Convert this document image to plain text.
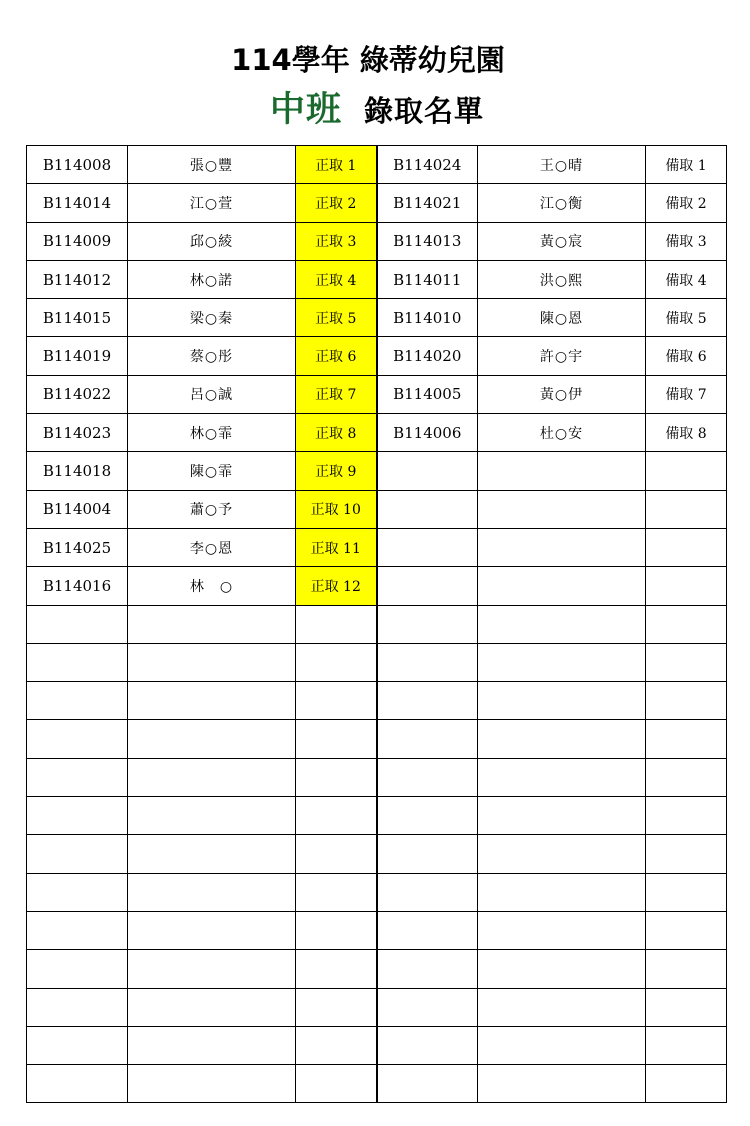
114學年 綠蒂幼兒園
中班 錄取名單
B114008	張○豐	正取 1	B114024	王○晴	備取 1
B114014	江○萱	正取 2	B114021	江○衡	備取 2
B114009	邱○綾	正取 3	B114013	黃○宸	備取 3
B114012	林○諾	正取 4	B114011	洪○熙	備取 4
B114015	梁○秦	正取 5	B114010	陳○恩	備取 5
B114019	蔡○彤	正取 6	B114020	許○宇	備取 6
B114022	呂○誠	正取 7	B114005	黃○伊	備取 7
B114023	林○霏	正取 8	B114006	杜○安	備取 8
B114018	陳○霏	正取 9			
B114004	蕭○予	正取 10			
B114025	李○恩	正取 11			
B114016	林　○	正取 12			
